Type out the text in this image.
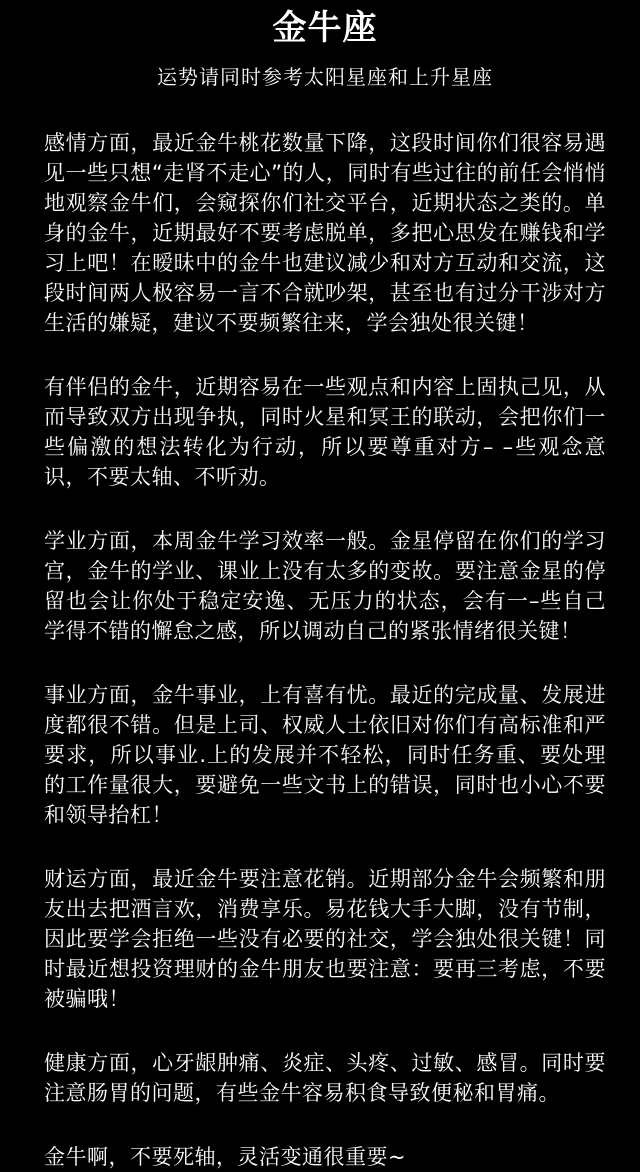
金牛座
运势请同时参考太阳星座和上升星座

感情方面，最近金牛桃花数量下降，这段时间你们很容易遇见一些只想“走肾不走心”的人，同时有些过往的前任会悄悄地观察金牛们，会窥探你们社交平台，近期状态之类的。单身的金牛，近期最好不要考虑脱单，多把心思发在赚钱和学习上吧！在暧昧中的金牛也建议减少和对方互动和交流，这段时间两人极容易一言不合就吵架，甚至也有过分干涉对方生活的嫌疑，建议不要频繁往来，学会独处很关键！

有伴侣的金牛，近期容易在一些观点和内容上固执己见，从而导致双方出现争执，同时火星和冥王的联动，会把你们一 些偏激的想法转化为行动，所以要尊重对方– –些观念意识，不要太轴、不听劝。

学业方面，本周金牛学习效率一般。金星停留在你们的学习宫，金牛的学业、课业上没有太多的变故。要注意金星的停留也会让你处于稳定安逸、无压力的状态，会有一–些自己学得不错的懈怠之感，所以调动自己的紧张情绪很关键！

事业方面，金牛事业，上有喜有忧。最近的完成量、发展进度都很不错。但是上司、权威人士依旧对你们有高标准和严要求，所以事业.上的发展并不轻松，同时任务重、要处理的工作量很大，要避免一些文书上的错误，同时也小心不要和领导抬杠！

财运方面，最近金牛要注意花销。近期部分金牛会频繁和朋友出去把酒言欢，消费享乐。易花钱大手大脚，没有节制，因此要学会拒绝一些没有必要的社交，学会独处很关键！同时最近想投资理财的金牛朋友也要注意：要再三考虑，不要被骗哦！

健康方面，心牙龈肿痛、炎症、头疼、过敏、感冒。同时要注意肠胃的问题，有些金牛容易积食导致便秘和胃痛。

金牛啊，不要死轴，灵活变通很重要~
